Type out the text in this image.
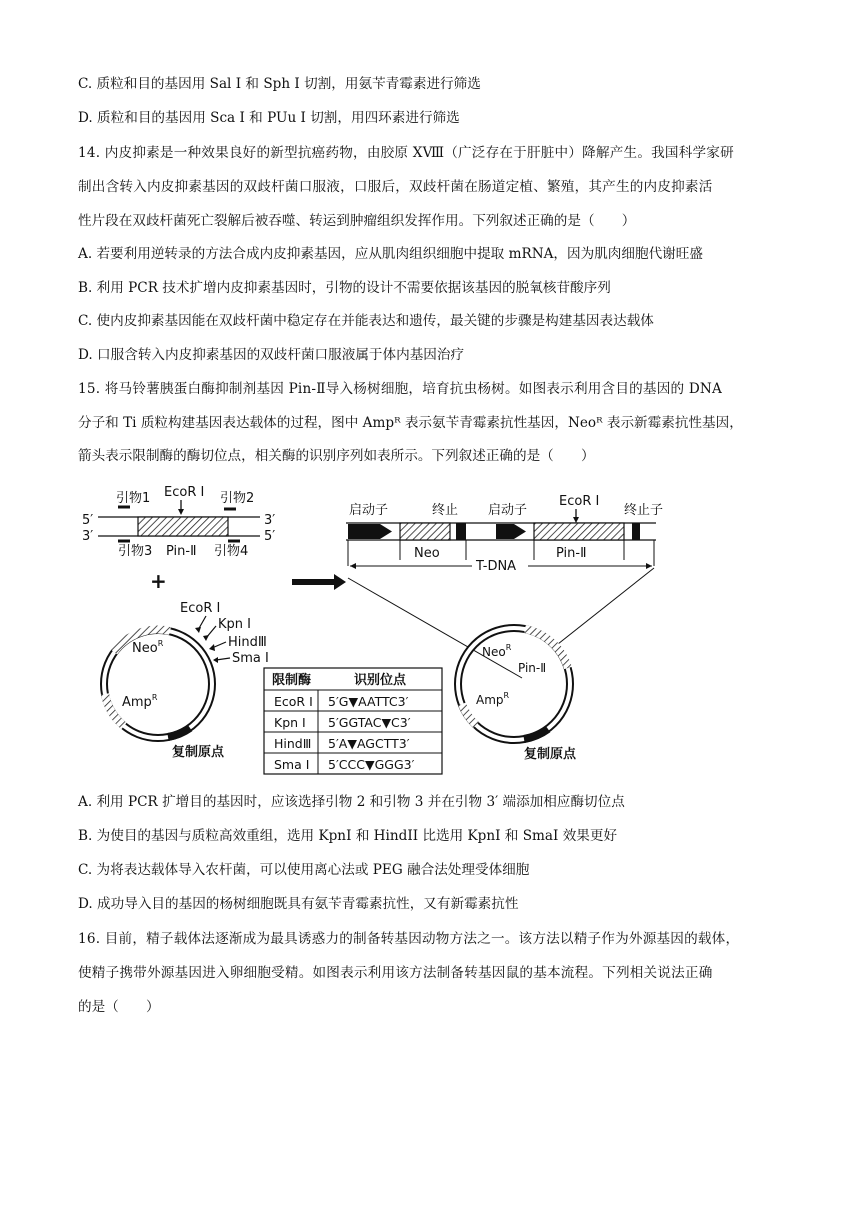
C. 质粒和目的基因用 Sal Ⅰ 和 Sph Ⅰ 切割，用氨苄青霉素进行筛选
D. 质粒和目的基因用 Sca Ⅰ 和 PUu Ⅰ 切割，用四环素进行筛选
14. 内皮抑素是一种效果良好的新型抗癌药物，由胶原 XⅧ（广泛存在于肝脏中）降解产生。我国科学家研
制出含转入内皮抑素基因的双歧杆菌口服液，口服后，双歧杆菌在肠道定植、繁殖，其产生的内皮抑素活
性片段在双歧杆菌死亡裂解后被吞噬、转运到肿瘤组织发挥作用。下列叙述正确的是（　　）
A. 若要利用逆转录的方法合成内皮抑素基因，应从肌肉组织细胞中提取 mRNA，因为肌肉细胞代谢旺盛
B. 利用 PCR 技术扩增内皮抑素基因时，引物的设计不需要依据该基因的脱氧核苷酸序列
C. 使内皮抑素基因能在双歧杆菌中稳定存在并能表达和遗传，最关键的步骤是构建基因表达载体
D. 口服含转入内皮抑素基因的双歧杆菌口服液属于体内基因治疗
15. 将马铃薯胰蛋白酶抑制剂基因 Pin-Ⅱ导入杨树细胞，培育抗虫杨树。如图表示利用含目的基因的 DNA
分子和 Ti 质粒构建基因表达载体的过程，图中 Ampᴿ 表示氨苄青霉素抗性基因，Neoᴿ 表示新霉素抗性基因，
箭头表示限制酶的酶切位点，相关酶的识别序列如表所示。下列叙述正确的是（　　）
引物1 EcoR Ⅰ 引物2
5′	3′
3′	5′
引物3 Pin-Ⅱ 引物4
+
启动子	终止 启动子
EcoR Ⅰ
终止子
Neo	Pin-Ⅱ
T-DNA
Neo$^R$
Amp$^R$
复制原点
EcoR Ⅰ
Kpn Ⅰ
HindⅢ
Sma Ⅰ
限制酶	识别位点
EcoR Ⅰ 5′G▼AATTC3′
Kpn Ⅰ 5′GGTAC▼C3′
HindⅢ 5′A▼AGCTT3′
Sma Ⅰ 5′CCC▼GGG3′
Neo$^R$
Pin-Ⅱ
Amp$^R$
复制原点
A. 利用 PCR 扩增目的基因时，应该选择引物 2 和引物 3 并在引物 3′ 端添加相应酶切位点
B. 为使目的基因与质粒高效重组，选用 KpnI 和 HindII 比选用 KpnI 和 SmaI 效果更好
C. 为将表达载体导入农杆菌，可以使用离心法或 PEG 融合法处理受体细胞
D. 成功导入目的基因的杨树细胞既具有氨苄青霉素抗性，又有新霉素抗性
16. 目前，精子载体法逐渐成为最具诱惑力的制备转基因动物方法之一。该方法以精子作为外源基因的载体，
使精子携带外源基因进入卵细胞受精。如图表示利用该方法制备转基因鼠的基本流程。下列相关说法正确
的是（　　）
